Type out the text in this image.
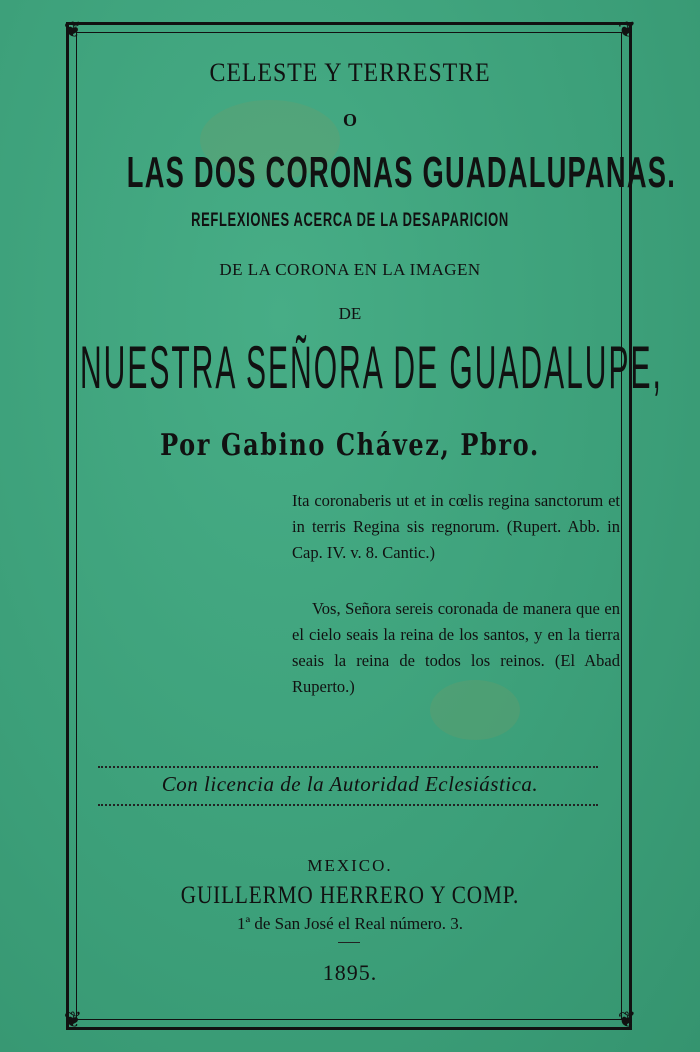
❦	❦
❦	❦
CELESTE Y TERRESTRE
O
LAS DOS CORONAS GUADALUPANAS.
REFLEXIONES ACERCA DE LA DESAPARICION
DE LA CORONA EN LA IMAGEN
DE
NUESTRA SEÑORA DE GUADALUPE,
Por Gabino Chávez, Pbro.
Ita coronaberis ut et in cœlis regina sanctorum et in terris Regina sis regnorum. (Rupert. Abb. in Cap. IV. v. 8. Cantic.)
Vos, Señora sereis coronada de manera que en el cielo seais la reina de los santos, y en la tierra seais la reina de todos los reinos. (El Abad Ruperto.)
Con licencia de la Autoridad Eclesiástica.
MEXICO.
GUILLERMO HERRERO Y COMP.
1ª de San José el Real número. 3.
1895.
